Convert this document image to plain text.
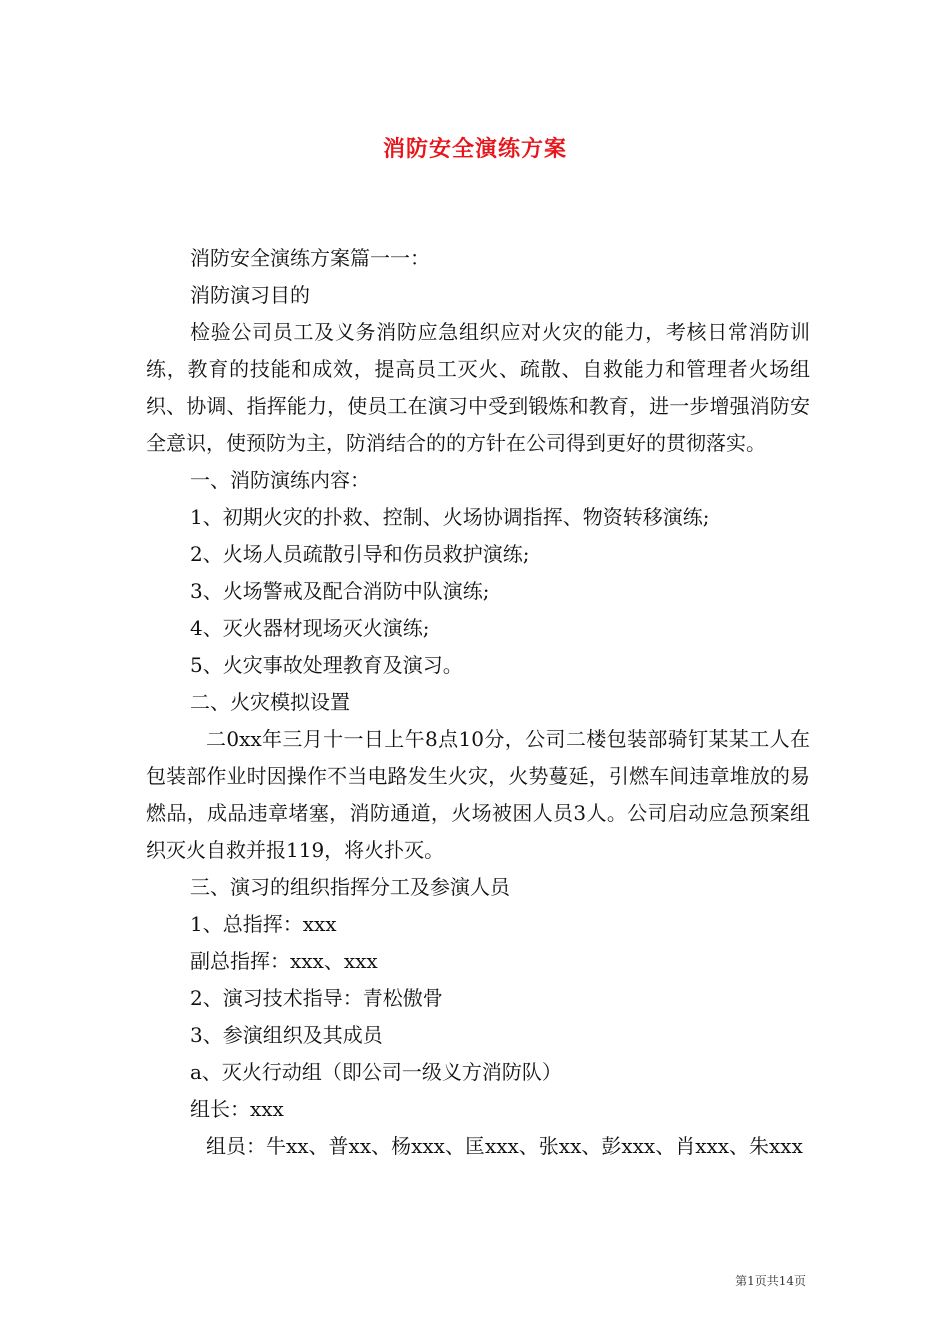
消防安全演练方案

消防安全演练方案篇一一：

消防演习目的

检验公司员工及义务消防应急组织应对火灾的能力，考核日常消防训练，教育的技能和成效，提高员工灭火、疏散、自救能力和管理者火场组织、协调、指挥能力，使员工在演习中受到锻炼和教育，进一步增强消防安全意识，使预防为主，防消结合的的方针在公司得到更好的贯彻落实。

一、消防演练内容：

1、初期火灾的扑救、控制、火场协调指挥、物资转移演练;

2、火场人员疏散引导和伤员救护演练;

3、火场警戒及配合消防中队演练;

4、灭火器材现场灭火演练;

5、火灾事故处理教育及演习。

二、火灾模拟设置

二0xx年三月十一日上午8点10分，公司二楼包装部骑钉某某工人在包装部作业时因操作不当电路发生火灾，火势蔓延，引燃车间违章堆放的易燃品，成品违章堵塞，消防通道，火场被困人员3人。公司启动应急预案组织灭火自救并报119，将火扑灭。

三、演习的组织指挥分工及参演人员

1、总指挥：xxx

副总指挥：xxx、xxx

2、演习技术指导：青松傲骨

3、参演组织及其成员

a、灭火行动组（即公司一级义方消防队）

组长：xxx

组员：牛xx、普xx、杨xxx、匡xxx、张xx、彭xxx、肖xxx、朱xxx

第1页共14页
